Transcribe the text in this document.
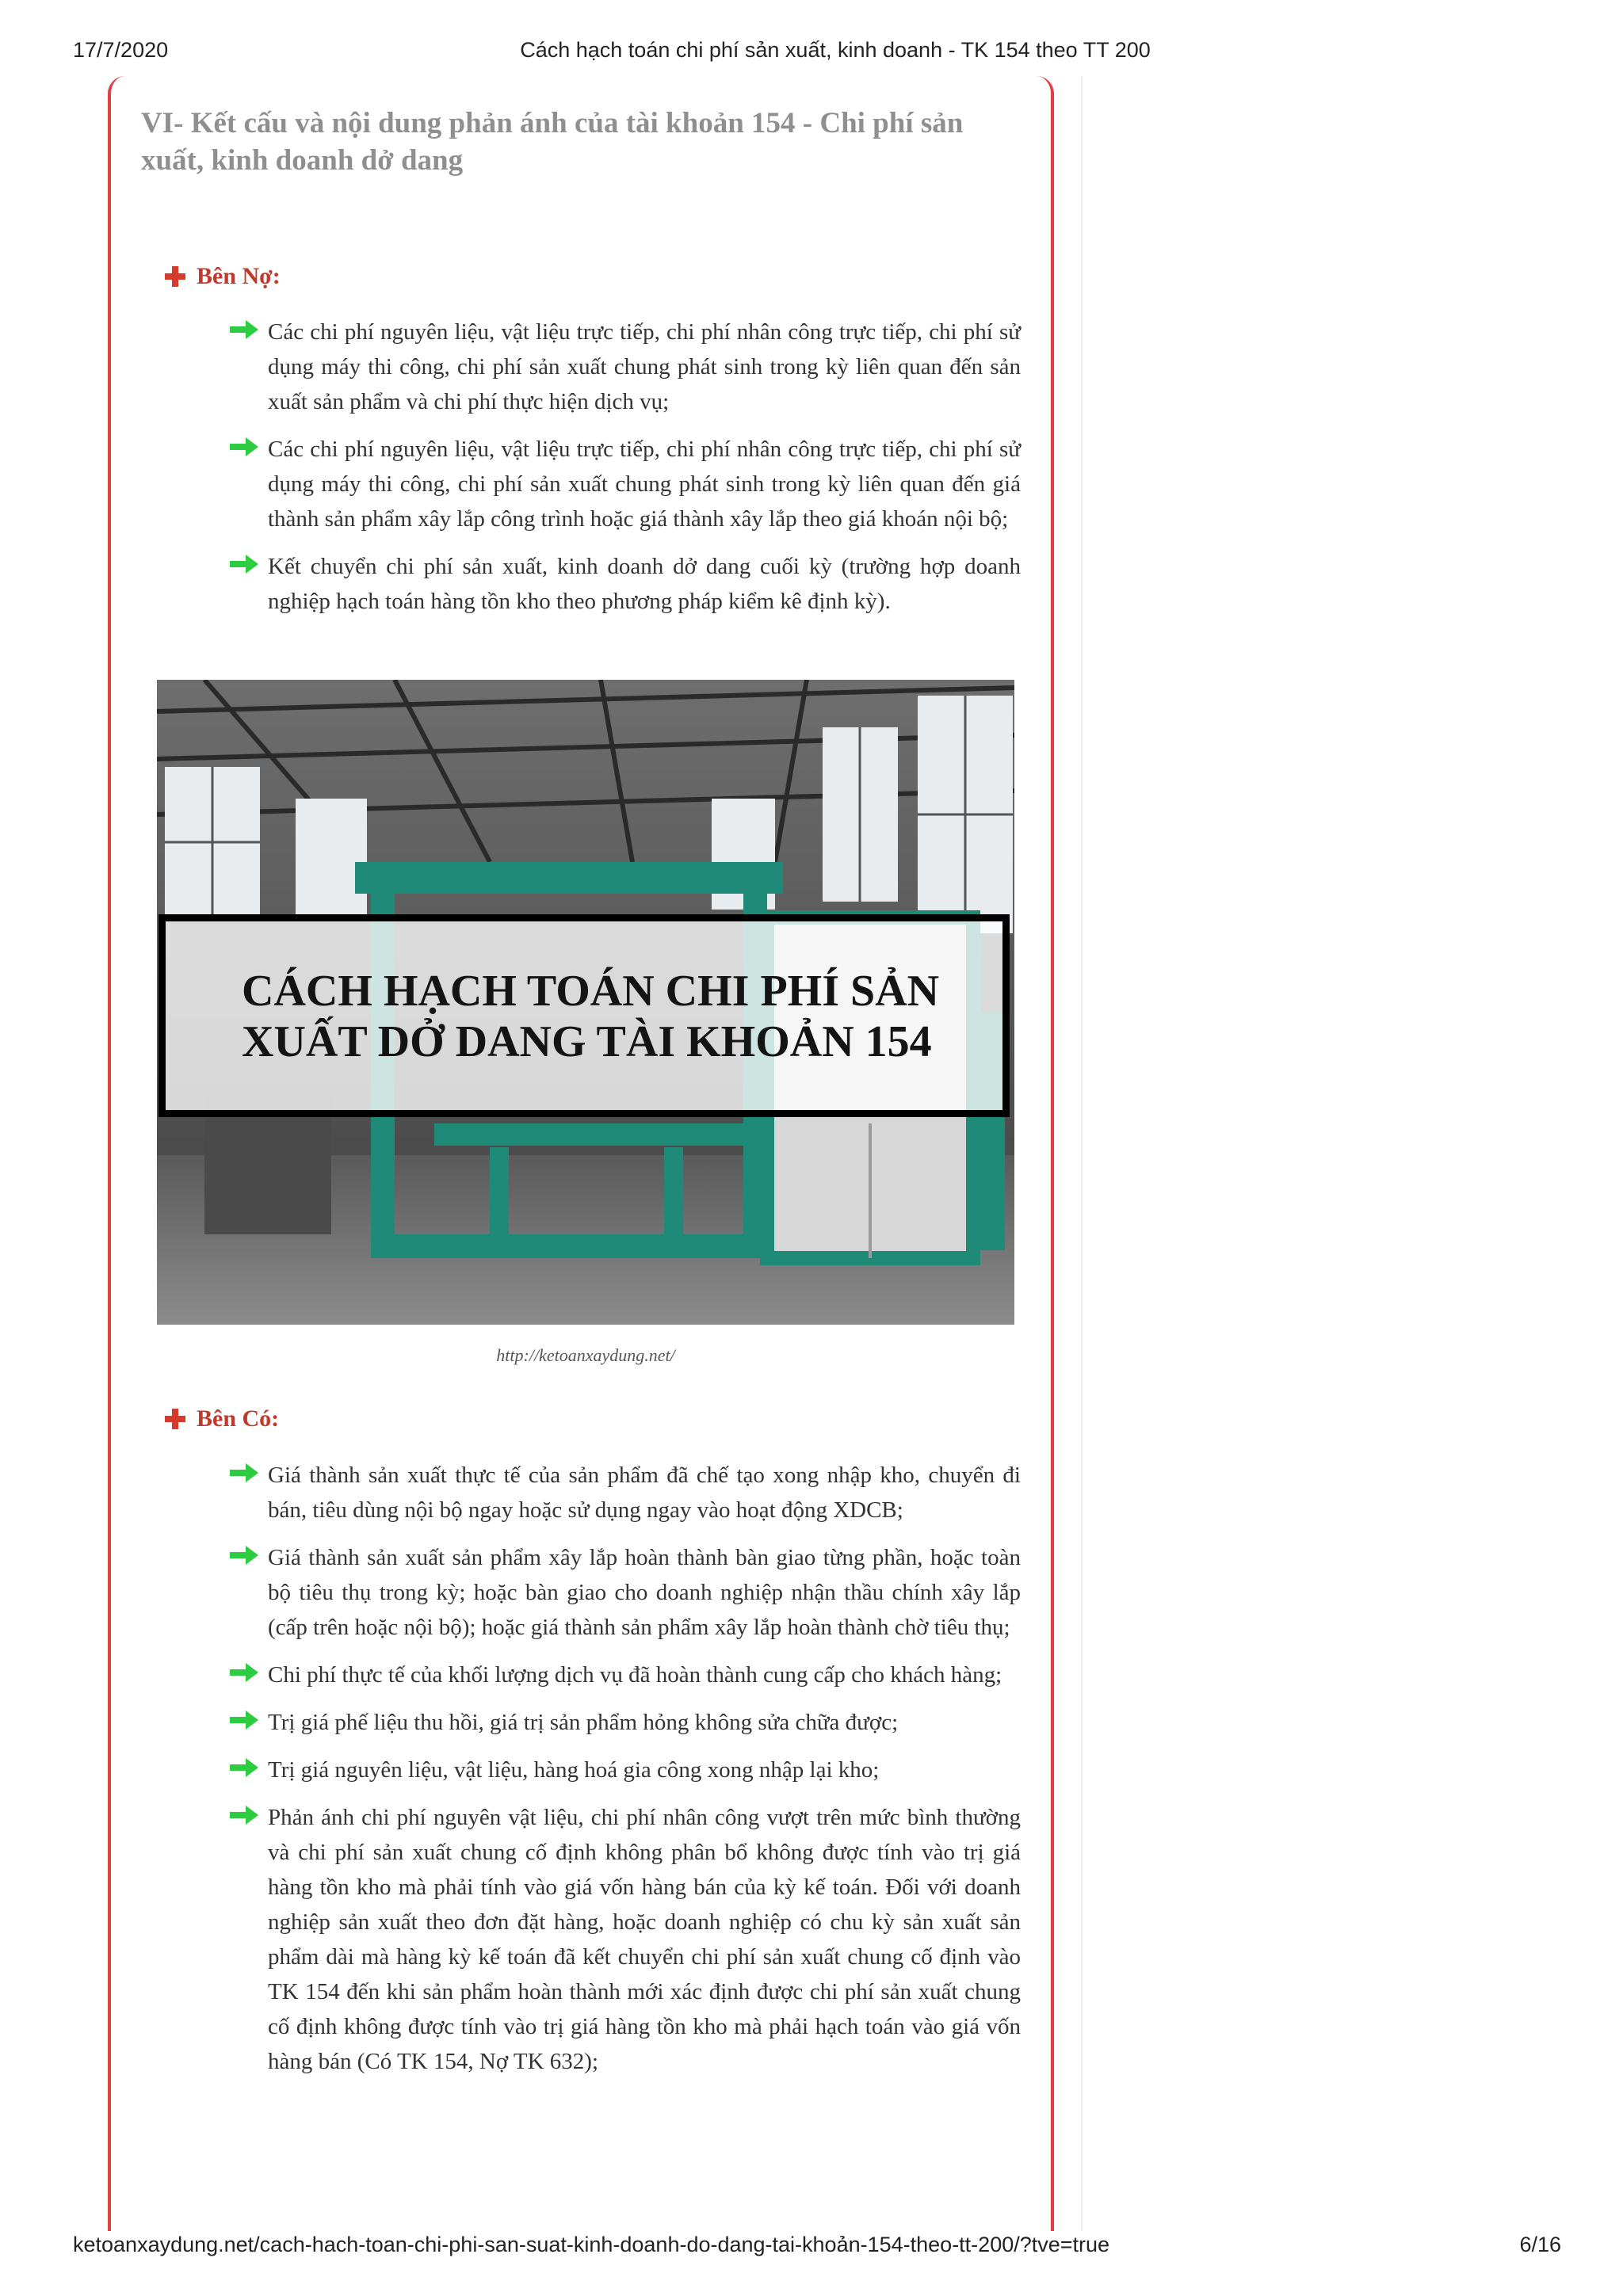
17/7/2020	Cách hạch toán chi phí sản xuất, kinh doanh - TK 154 theo TT 200
VI- Kết cấu và nội dung phản ánh của tài khoản 154 - Chi phí sản xuất, kinh doanh dở dang
Bên Nợ:
Các chi phí nguyên liệu, vật liệu trực tiếp, chi phí nhân công trực tiếp, chi phí sử dụng máy thi công, chi phí sản xuất chung phát sinh trong kỳ liên quan đến sản xuất sản phẩm và chi phí thực hiện dịch vụ;
Các chi phí nguyên liệu, vật liệu trực tiếp, chi phí nhân công trực tiếp, chi phí sử dụng máy thi công, chi phí sản xuất chung phát sinh trong kỳ liên quan đến giá thành sản phẩm xây lắp công trình hoặc giá thành xây lắp theo giá khoán nội bộ;
Kết chuyển chi phí sản xuất, kinh doanh dở dang cuối kỳ (trường hợp doanh nghiệp hạch toán hàng tồn kho theo phương pháp kiểm kê định kỳ).
CÁCH HẠCH TOÁN CHI PHÍ SẢN
XUẤT DỞ DANG TÀI KHOẢN 154
http://ketoanxaydung.net/
Bên Có:
Giá thành sản xuất thực tế của sản phẩm đã chế tạo xong nhập kho, chuyển đi bán, tiêu dùng nội bộ ngay hoặc sử dụng ngay vào hoạt động XDCB;
Giá thành sản xuất sản phẩm xây lắp hoàn thành bàn giao từng phần, hoặc toàn bộ tiêu thụ trong kỳ; hoặc bàn giao cho doanh nghiệp nhận thầu chính xây lắp (cấp trên hoặc nội bộ); hoặc giá thành sản phẩm xây lắp hoàn thành chờ tiêu thụ;
Chi phí thực tế của khối lượng dịch vụ đã hoàn thành cung cấp cho khách hàng;
Trị giá phế liệu thu hồi, giá trị sản phẩm hỏng không sửa chữa được;
Trị giá nguyên liệu, vật liệu, hàng hoá gia công xong nhập lại kho;
Phản ánh chi phí nguyên vật liệu, chi phí nhân công vượt trên mức bình thường và chi phí sản xuất chung cố định không phân bổ không được tính vào trị giá hàng tồn kho mà phải tính vào giá vốn hàng bán của kỳ kế toán. Đối với doanh nghiệp sản xuất theo đơn đặt hàng, hoặc doanh nghiệp có chu kỳ sản xuất sản phẩm dài mà hàng kỳ kế toán đã kết chuyển chi phí sản xuất chung cố định vào TK 154 đến khi sản phẩm hoàn thành mới xác định được chi phí sản xuất chung cố định không được tính vào trị giá hàng tồn kho mà phải hạch toán vào giá vốn hàng bán (Có TK 154, Nợ TK 632);
ketoanxaydung.net/cach-hach-toan-chi-phi-san-suat-kinh-doanh-do-dang-tai-khoản-154-theo-tt-200/?tve=true	6/16
